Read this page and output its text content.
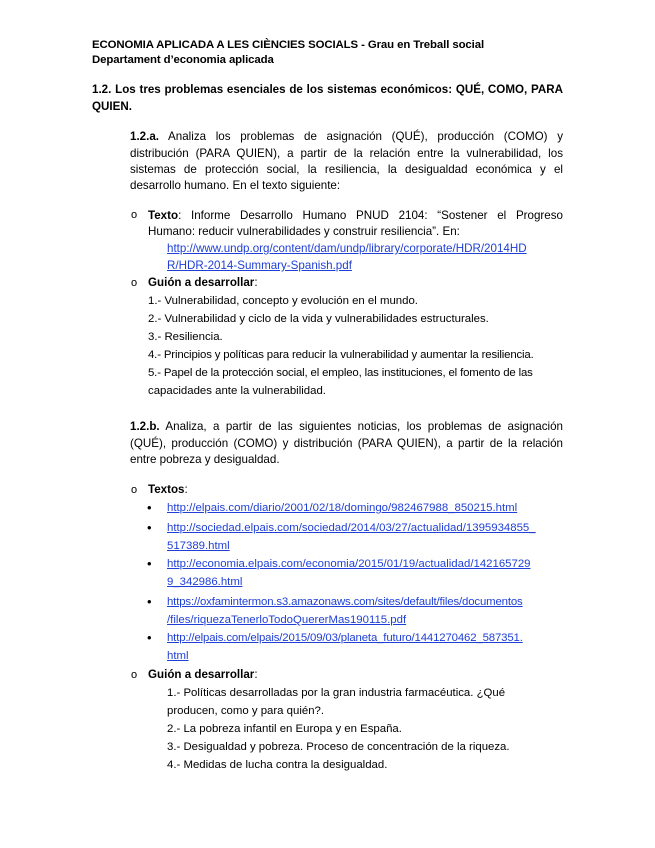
ECONOMIA APLICADA A LES CIÈNCIES SOCIALS - Grau en Treball social
Departament d’economia aplicada
1.2. Los tres problemas esenciales de los sistemas económicos: QUÉ, COMO, PARA
QUIEN.
1.2.a. Analiza los problemas de asignación (QUÉ), producción (COMO) y
distribución (PARA QUIEN), a partir de la relación entre la vulnerabilidad, los
sistemas de protección social, la resiliencia, la desigualdad económica y el
desarrollo humano. En el texto siguiente:
o Texto: Informe Desarrollo Humano PNUD 2104: “Sostener el Progreso
Humano: reducir vulnerabilidades y construir resiliencia”. En:
http://www.undp.org/content/dam/undp/library/corporate/HDR/2014HD
R/HDR-2014-Summary-Spanish.pdf
o Guión a desarrollar:
1.- Vulnerabilidad, concepto y evolución en el mundo.
2.- Vulnerabilidad y ciclo de la vida y vulnerabilidades estructurales.
3.- Resiliencia.
4.- Principios y políticas para reducir la vulnerabilidad y aumentar la resiliencia.
5.- Papel de la protección social, el empleo, las instituciones, el fomento de las
capacidades ante la vulnerabilidad.
1.2.b. Analiza, a partir de las siguientes noticias, los problemas de asignación
(QUÉ), producción (COMO) y distribución (PARA QUIEN), a partir de la relación
entre pobreza y desigualdad.
o Textos:
• http://elpais.com/diario/2001/02/18/domingo/982467988_850215.html
• http://sociedad.elpais.com/sociedad/2014/03/27/actualidad/1395934855_
517389.html
• http://economia.elpais.com/economia/2015/01/19/actualidad/142165729
9_342986.html
• https://oxfamintermon.s3.amazonaws.com/sites/default/files/documentos
/files/riquezaTenerloTodoQuererMas190115.pdf
• http://elpais.com/elpais/2015/09/03/planeta_futuro/1441270462_587351.
html
o Guión a desarrollar:
1.- Políticas desarrolladas por la gran industria farmacéutica. ¿Qué
producen, como y para quién?.
2.- La pobreza infantil en Europa y en España.
3.- Desigualdad y pobreza. Proceso de concentración de la riqueza.
4.- Medidas de lucha contra la desigualdad.
